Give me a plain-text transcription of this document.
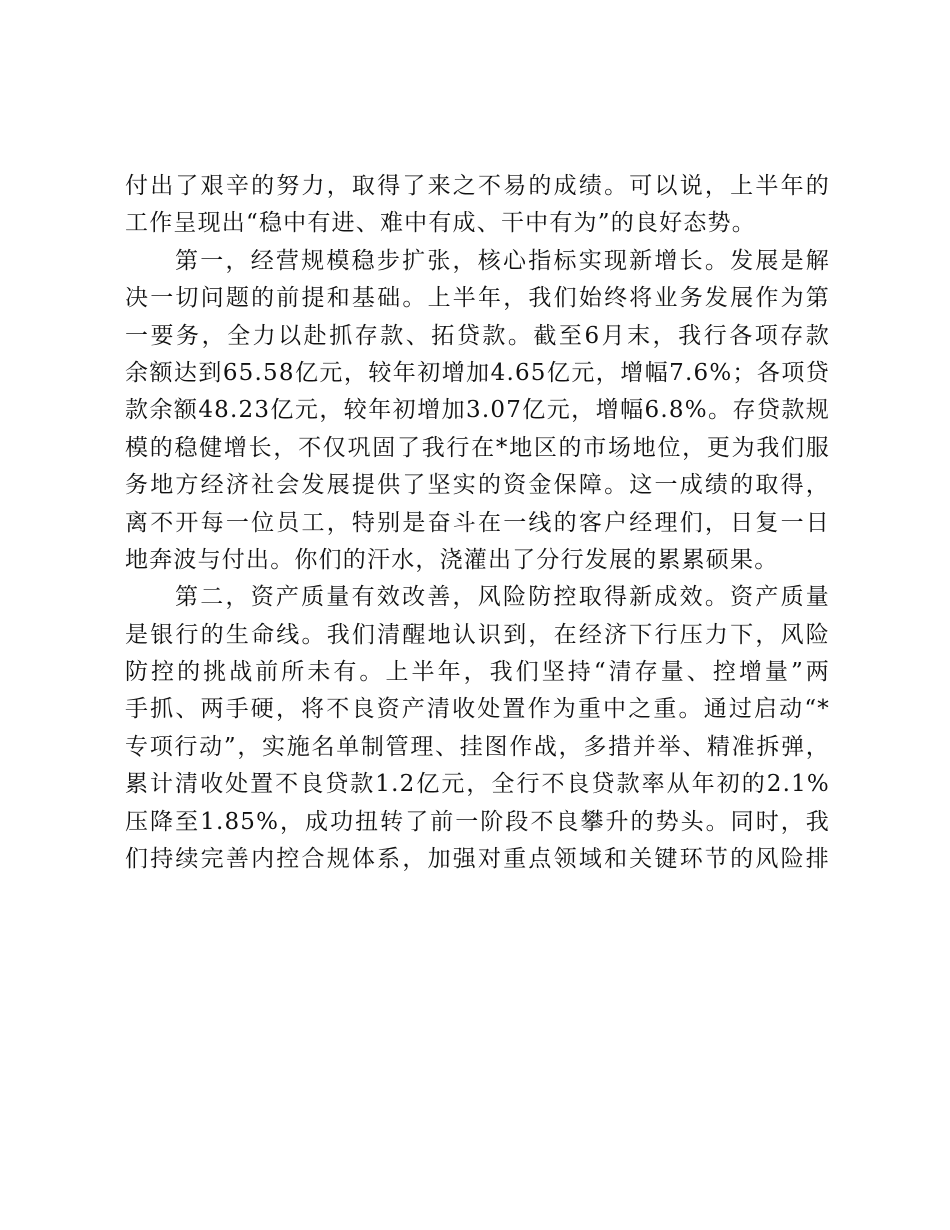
付出了艰辛的努力，取得了来之不易的成绩。可以说，上半年的
工作呈现出“稳中有进、难中有成、干中有为”的良好态势。
第一，经营规模稳步扩张，核心指标实现新增长。发展是解
决一切问题的前提和基础。上半年，我们始终将业务发展作为第
一要务，全力以赴抓存款、拓贷款。截至6月末，我行各项存款
余额达到65.58亿元，较年初增加4.65亿元，增幅7.6%；各项贷
款余额48.23亿元，较年初增加3.07亿元，增幅6.8%。存贷款规
模的稳健增长，不仅巩固了我行在*地区的市场地位，更为我们服
务地方经济社会发展提供了坚实的资金保障。这一成绩的取得，
离不开每一位员工，特别是奋斗在一线的客户经理们，日复一日
地奔波与付出。你们的汗水，浇灌出了分行发展的累累硕果。
第二，资产质量有效改善，风险防控取得新成效。资产质量
是银行的生命线。我们清醒地认识到，在经济下行压力下，风险
防控的挑战前所未有。上半年，我们坚持“清存量、控增量”两
手抓、两手硬，将不良资产清收处置作为重中之重。通过启动“*
专项行动”，实施名单制管理、挂图作战，多措并举、精准拆弹，
累计清收处置不良贷款1.2亿元，全行不良贷款率从年初的2.1%
压降至1.85%，成功扭转了前一阶段不良攀升的势头。同时，我
们持续完善内控合规体系，加强对重点领域和关键环节的风险排
